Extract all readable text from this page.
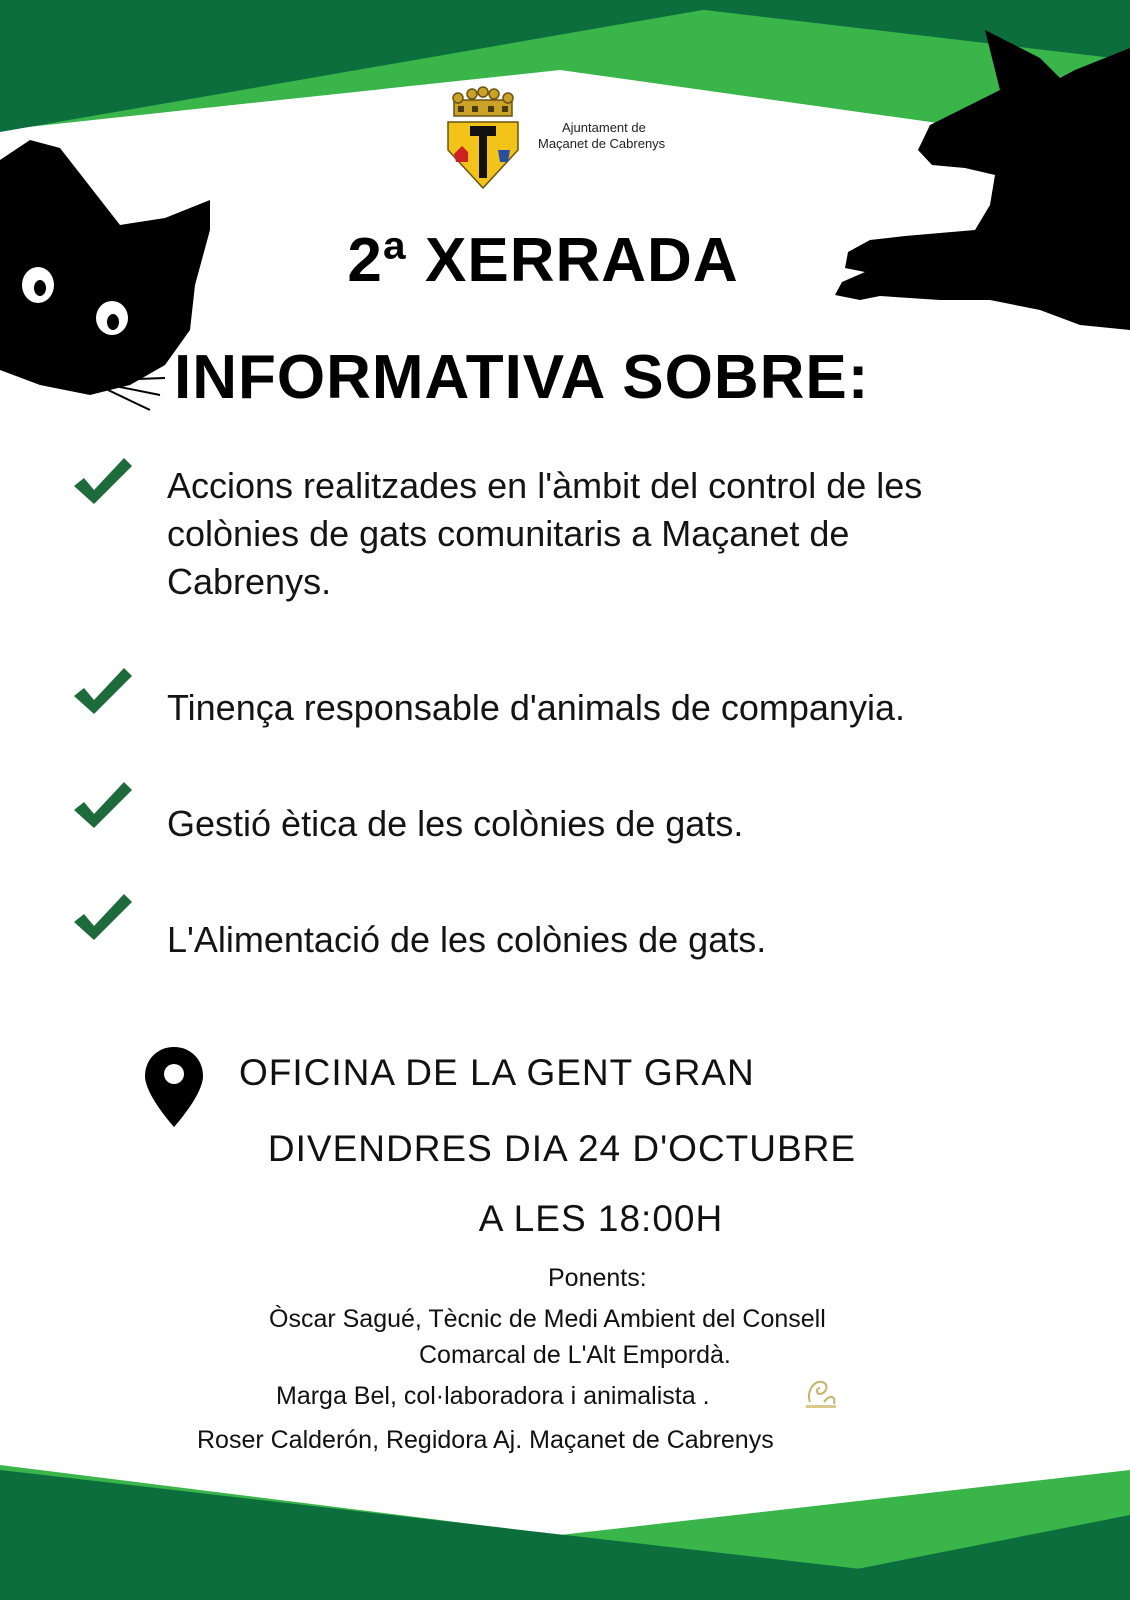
Ajuntament de
Maçanet de Cabrenys
2ª XERRADA
INFORMATIVA SOBRE:
Accions realitzades en l'àmbit del control de les
colònies de gats comunitaris a Maçanet de
Cabrenys.
Tinença responsable d'animals de companyia.
Gestió ètica de les colònies de gats.
L'Alimentació de les colònies de gats.
OFICINA DE LA GENT GRAN
DIVENDRES DIA 24 D'OCTUBRE
A LES 18:00H
Ponents:
Òscar Sagué, Tècnic de Medi Ambient del Consell
Comarcal de L'Alt Empordà.
Marga Bel, col·laboradora i animalista .
Roser Calderón, Regidora Aj. Maçanet de Cabrenys
